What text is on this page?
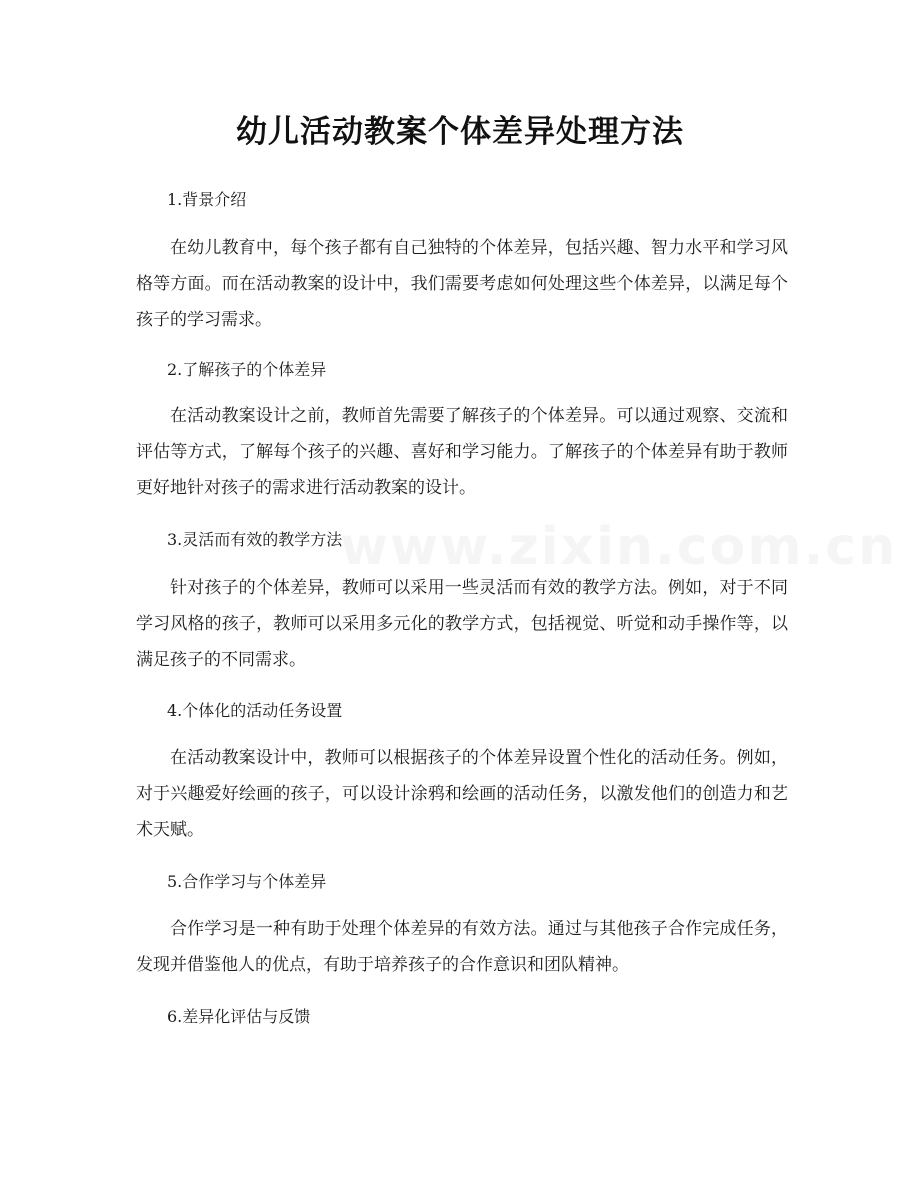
www.zixin.com.cn
幼儿活动教案个体差异处理方法
1.背景介绍

在幼儿教育中，每个孩子都有自己独特的个体差异，包括兴趣、智力水平和学习风格等方面。而在活动教案的设计中，我们需要考虑如何处理这些个体差异，以满足每个孩子的学习需求。

2.了解孩子的个体差异

在活动教案设计之前，教师首先需要了解孩子的个体差异。可以通过观察、交流和评估等方式，了解每个孩子的兴趣、喜好和学习能力。了解孩子的个体差异有助于教师更好地针对孩子的需求进行活动教案的设计。

3.灵活而有效的教学方法

针对孩子的个体差异，教师可以采用一些灵活而有效的教学方法。例如，对于不同学习风格的孩子，教师可以采用多元化的教学方式，包括视觉、听觉和动手操作等，以满足孩子的不同需求。

4.个体化的活动任务设置

在活动教案设计中，教师可以根据孩子的个体差异设置个性化的活动任务。例如，对于兴趣爱好绘画的孩子，可以设计涂鸦和绘画的活动任务，以激发他们的创造力和艺术天赋。

5.合作学习与个体差异

合作学习是一种有助于处理个体差异的有效方法。通过与其他孩子合作完成任务，发现并借鉴他人的优点，有助于培养孩子的合作意识和团队精神。

6.差异化评估与反馈
